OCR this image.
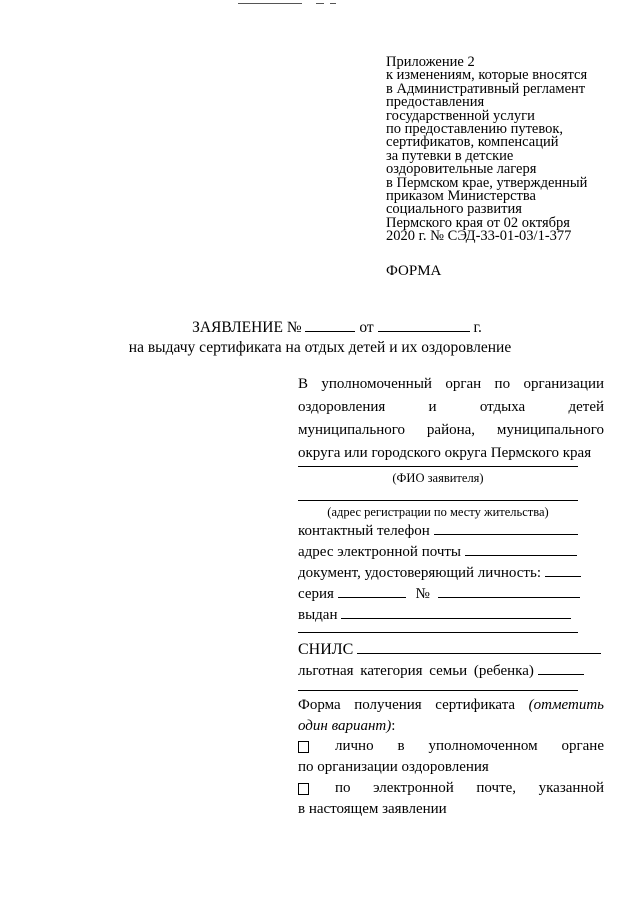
Приложение 2
к изменениям, которые вносятся
в Административный регламент
предоставления
государственной услуги
по предоставлению путевок,
сертификатов, компенсаций
за путевки в детские
оздоровительные лагеря
в Пермском крае, утвержденный
приказом Министерства
социального развития
Пермского края от 02 октября
2020 г. № СЭД-33-01-03/1-377
ФОРМА
ЗАЯВЛЕНИЕ №	от	г.
на выдачу сертификата на отдых детей и их оздоровление
В уполномоченный орган по организации
оздоровления и отдыха детей
муниципального района, муниципального
округа или городского округа Пермского края
(ФИО заявителя)
(адрес регистрации по месту жительства)
контактный телефон
адрес электронной почты
документ, удостоверяющий личность:
серия	№
выдан
СНИЛС
льготная категория семьи (ребенка)
Форма получения сертификата (отметить
один вариант):
лично в уполномоченном органе
по организации оздоровления
по электронной почте, указанной
в настоящем заявлении
